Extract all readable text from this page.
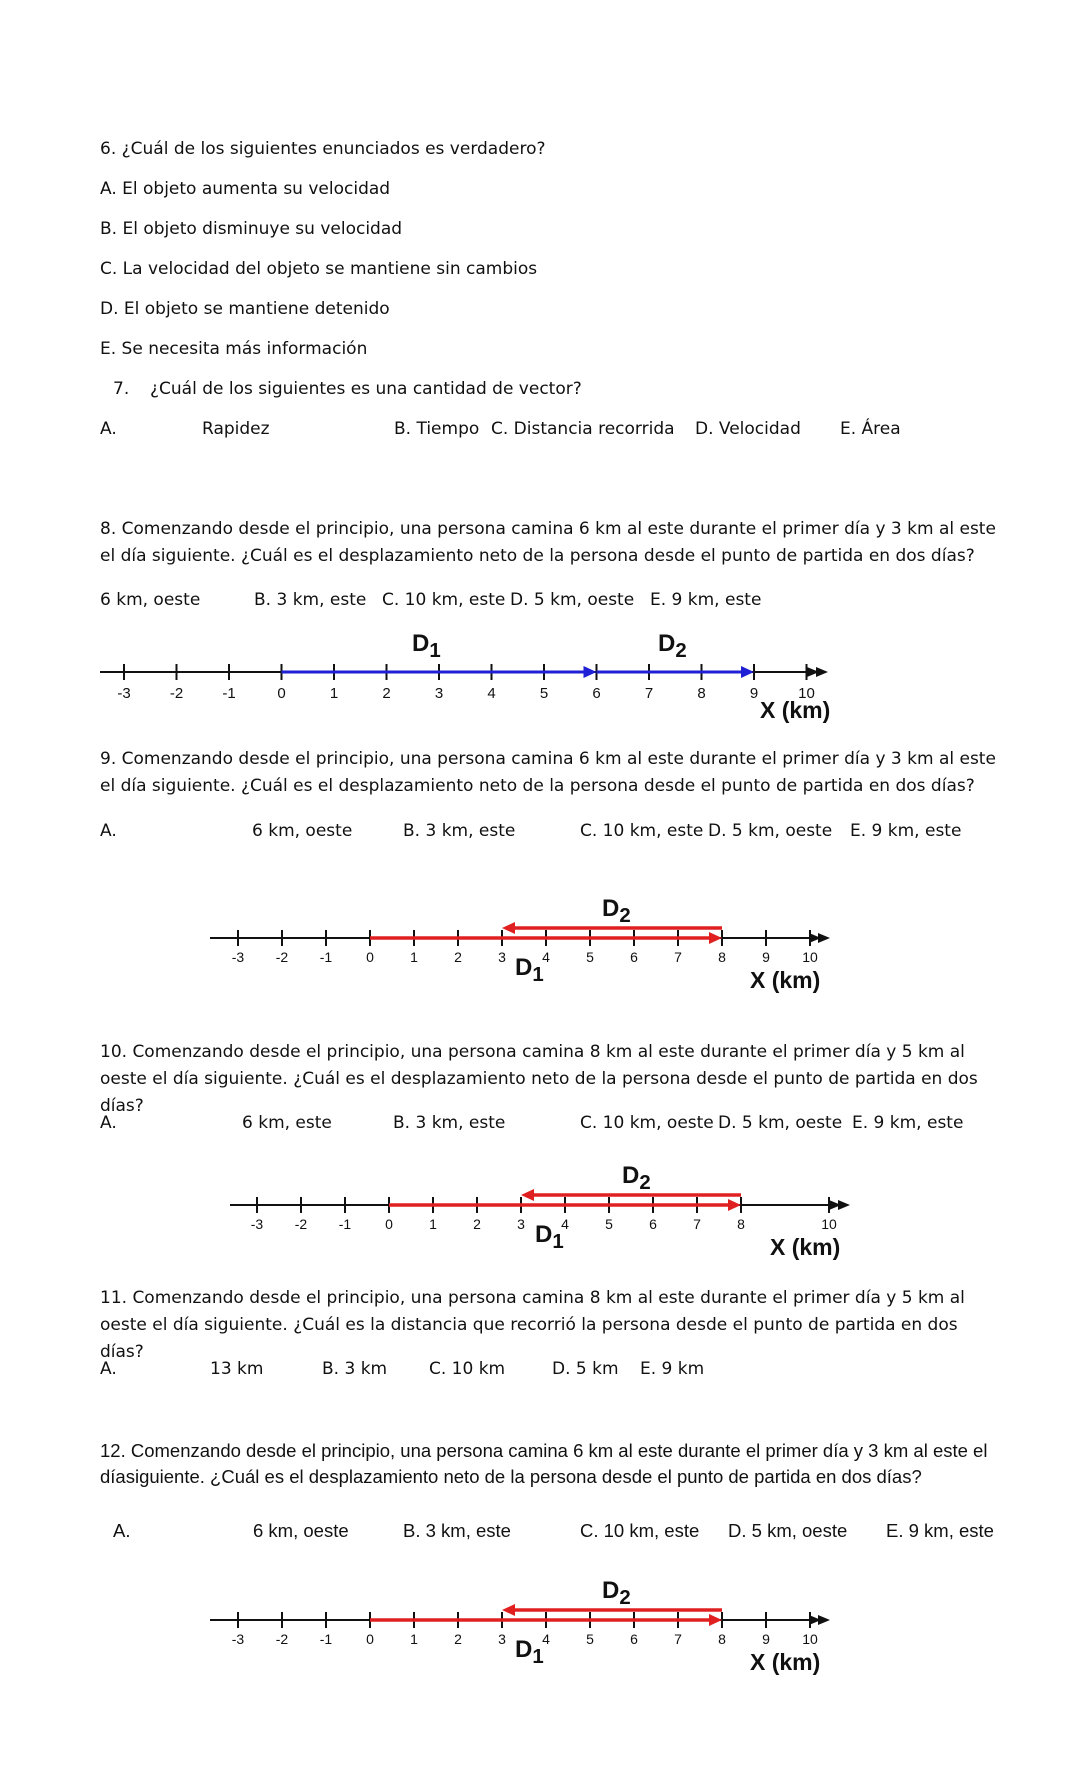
6. ¿Cuál de los siguientes enunciados es verdadero?
A. El objeto aumenta su velocidad
B. El objeto disminuye su velocidad
C. La velocidad del objeto se mantiene sin cambios
D. El objeto se mantiene detenido
E. Se necesita más información
7. ¿Cuál de los siguientes es una cantidad de vector?
A.	Rapidez	B. Tiempo C. Distancia recorrida D. Velocidad E. Área
8. Comenzando desde el principio, una persona camina 6 km al este durante el primer día y 3 km al este el día siguiente. ¿Cuál es el desplazamiento neto de la persona desde el punto de partida en dos días?
6 km, oeste	B. 3 km, este C. 10 km, este D. 5 km, oeste E. 9 km, este
-3	-2	-1	0	1	2	3	4	5	6	7	8	9	10
$D_1$	$D_2$
X (km)
9. Comenzando desde el principio, una persona camina 6 km al este durante el primer día y 3 km al este el día siguiente. ¿Cuál es el desplazamiento neto de la persona desde el punto de partida en dos días?
A.	6 km, oeste	B. 3 km, este	C. 10 km, este D. 5 km, oeste E. 9 km, este
-3 -2 -1 0	1	2	3	4	5	6	7	8	9 10
$D_1$
$D_2$
X (km)
10. Comenzando desde el principio, una persona camina 8 km al este durante el primer día y 5 km al oeste el día siguiente. ¿Cuál es el desplazamiento neto de la persona desde el punto de partida en dos días?
A.	6 km, este	B. 3 km, este	C. 10 km, oeste D. 5 km, oeste E. 9 km, este
-3 -2 -1 0	1	2	3	4	5	6	7	8	10
$D_1$
$D_2$
X (km)
11. Comenzando desde el principio, una persona camina 8 km al este durante el primer día y 5 km al oeste el día siguiente. ¿Cuál es la distancia que recorrió la persona desde el punto de partida en dos días?
A.	13 km	B. 3 km C. 10 km	D. 5 km E. 9 km
12. Comenzando desde el principio, una persona camina 6 km al este durante el primer día y 3 km al este el díasiguiente. ¿Cuál es el desplazamiento neto de la persona desde el punto de partida en dos días?
A.	6 km, oeste	B. 3 km, este	C. 10 km, este D. 5 km, oeste E. 9 km, este
-3 -2 -1 0	1	2	3	4	5	6	7	8	9 10
$D_1$
$D_2$
X (km)
